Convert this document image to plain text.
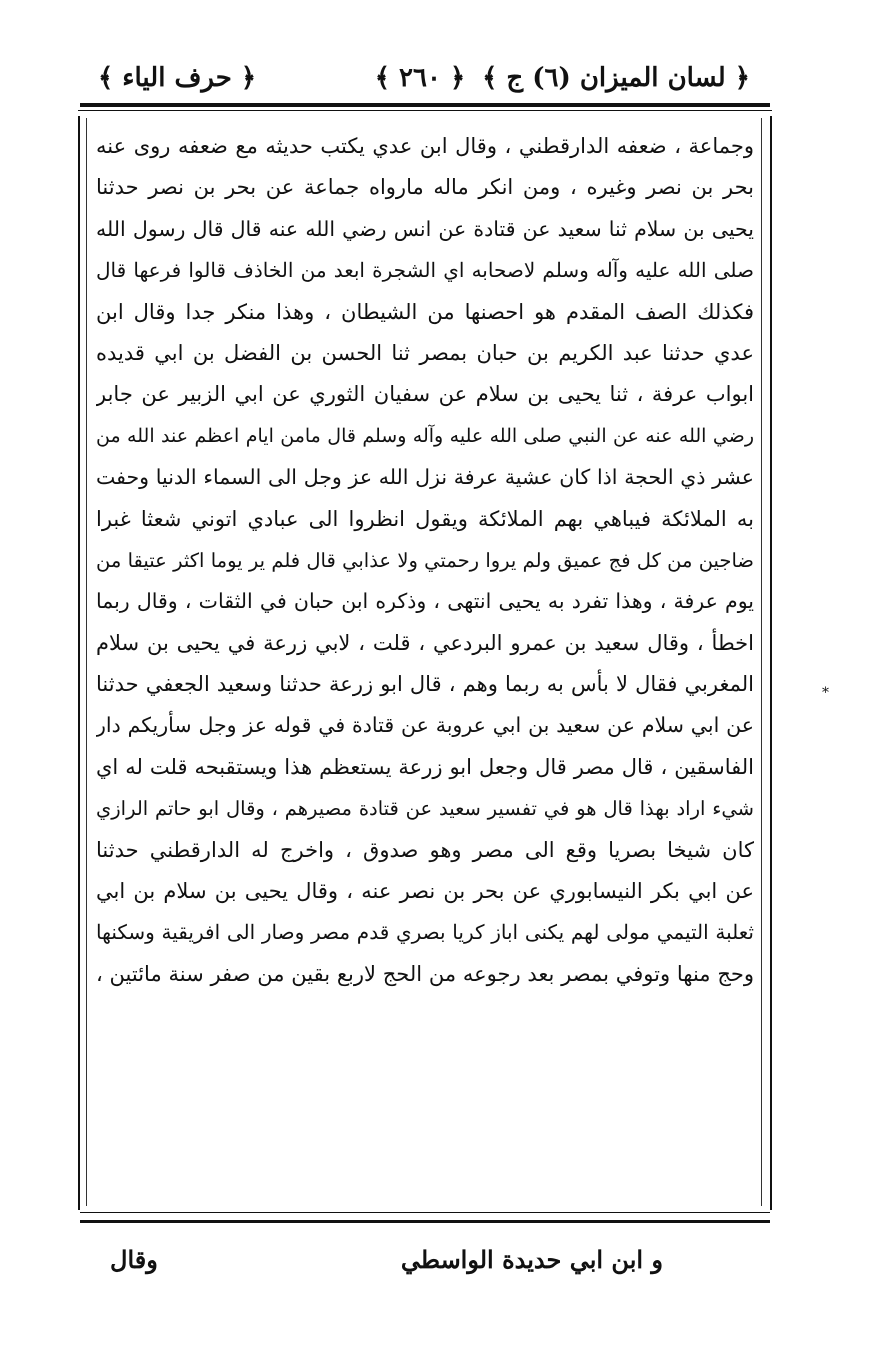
﴿ لسان الميزان (٦) ج ﴾
﴿ ٢٦٠ ﴾
﴿ حرف الياء ﴾
وجماعة ، ضعفه الدارقطني ، وقال ابن عدي يكتب حديثه مع ضعفه روى عنه
بحر بن نصر وغيره ، ومن انكر ماله مارواه جماعة عن بحر بن نصر حدثنا
يحيى بن سلام ثنا سعيد عن قتادة عن انس رضي الله عنه قال قال رسول الله
صلى الله عليه وآله وسلم لاصحابه اي الشجرة ابعد من الخاذف قالوا فرعها قال
فكذلك الصف المقدم هو احصنها من الشيطان ، وهذا منكر جدا وقال ابن
عدي حدثنا عبد الكريم بن حبان بمصر ثنا الحسن بن الفضل بن ابي قديده
ابواب عرفة ، ثنا يحيى بن سلام عن سفيان الثوري عن ابي الزبير عن جابر
رضي الله عنه عن النبي صلى الله عليه وآله وسلم قال مامن ايام اعظم عند الله من
عشر ذي الحجة اذا كان عشية عرفة نزل الله عز وجل الى السماء الدنيا وحفت
به الملائكة فيباهي بهم الملائكة ويقول انظروا الى عبادي اتوني شعثا غبرا
ضاجين من كل فج عميق ولم يروا رحمتي ولا عذابي قال فلم ير يوما اكثر عتيقا من
يوم عرفة ، وهذا تفرد به يحيى انتهى ، وذكره ابن حبان في الثقات ، وقال ربما
اخطأ ، وقال سعيد بن عمرو البردعي ، قلت ، لابي زرعة في يحيى بن سلام
المغربي فقال لا بأس به ربما وهم ، قال ابو زرعة حدثنا وسعيد الجعفي حدثنا
عن ابي سلام عن سعيد بن ابي عروبة عن قتادة في قوله عز وجل سأريكم دار
الفاسقين ، قال مصر قال وجعل ابو زرعة يستعظم هذا ويستقبحه قلت له اي
شيء اراد بهذا قال هو في تفسير سعيد عن قتادة مصيرهم ، وقال ابو حاتم الرازي
كان شيخا بصريا وقع الى مصر وهو صدوق ، واخرج له الدارقطني حدثنا
عن ابي بكر النيسابوري عن بحر بن نصر عنه ، وقال يحيى بن سلام بن ابي
ثعلبة التيمي مولى لهم يكنى اباز كريا بصري قدم مصر وصار الى افريقية وسكنها
وحج منها وتوفي بمصر بعد رجوعه من الحج لاربع بقين من صفر سنة مائتين ،
و ابن ابي حديدة الواسطي
وقال
*
